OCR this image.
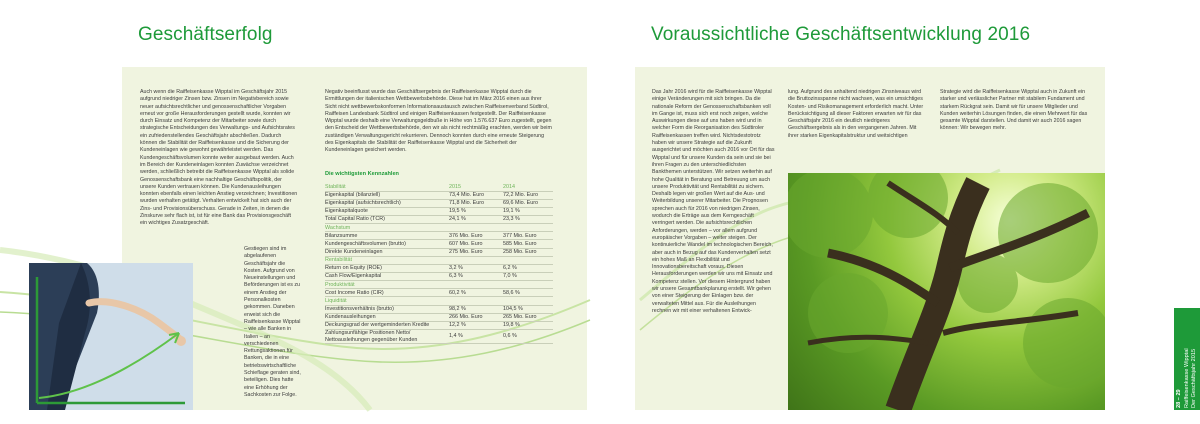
Geschäftserfolg	Voraussichtliche Geschäftsentwicklung 2016

Auch wenn die Raiffeisenkasse Wipptal im Geschäftsjahr 2015 aufgrund niedriger Zinsen bzw. Zinsen im Negativbereich sowie neuer aufsichtsrechtlicher und genossenschaftlicher Vorgaben erneut vor große Herausforderungen gestellt wurde, konnten wir durch Einsatz und Kompetenz der Mitarbeiter sowie durch strategische Entscheidungen des Verwaltungs- und Aufsichtsrates ein zufriedenstellendes Geschäftsjahr abschließen. Dadurch können die Stabilität der Raiffeisenkasse und die Sicherung der Kundeneinlagen wie gewohnt gewährleistet werden. Das Kundengeschäftsvolumen konnte weiter ausgebaut werden. Auch im Bereich der Kundeneinlagen konnten Zuwächse verzeichnet werden, schließlich betreibt die Raiffeisenkasse Wipptal als solide Genossenschaftsbank eine nachhaltige Geschäftspolitik, der unsere Kunden vertrauen können. Die Kundenausleihungen konnten ebenfalls einen leichten Anstieg verzeichnen; Investitionen wurden verhalten getätigt. Verhalten entwickelt hat sich auch der Zins- und Provisionsüberschuss. Gerade in Zeiten, in denen die Zinskurve sehr flach ist, ist für eine Bank das Provisionsgeschäft ein wichtiges Zusatzgeschäft.

Gestiegen sind im abgelaufenen Geschäftsjahr die Kosten. Aufgrund von Neueinstellungen und Beförderungen ist es zu einem Anstieg der Personalkosten gekommen. Daneben erweist sich die Raiffeisenkasse Wipptal – wie alle Banken in Italien – an verschiedenen Rettungsaktionen für Banken, die in eine betriebswirtschaftliche Schieflage geraten sind, beteiligen. Dies hatte eine Erhöhung der Sachkosten zur Folge.

Negativ beeinflusst wurde das Geschäftsergebnis der Raiffeisenkasse Wipptal durch die Ermittlungen der italienischen Wettbewerbsbehörde. Diese hat im März 2016 einen aus ihrer Sicht nicht wettbewerbskonformen Informationsaustausch zwischen Raiffeisenverband Südtirol, Raiffeisen Landesbank Südtirol und einigen Raiffeisenkassen festgestellt. Der Raiffeisenkasse Wipptal wurde deshalb eine Verwaltungsgeldbuße in Höhe von 1.576.637 Euro zugestellt, gegen den Entscheid der Wettbewerbsbehörde, den wir als nicht rechtmäßig erachten, werden wir beim zuständigen Verwaltungsgericht rekurrieren. Dennoch konnten durch eine erneute Steigerung des Eigenkapitals die Stabilität der Raiffeisenkasse Wipptal und die Sicherheit der Kundeneinlagen gesichert werden.

Die wichtigsten Kennzahlen
Stabilität	2015	2014
Eigenkapital (bilanziell)	73,4 Mio. Euro	72,2 Mio. Euro
Eigenkapital (aufsichtsrechtlich)	71,8 Mio. Euro	69,6 Mio. Euro
Eigenkapitalquote	19,5 %	19,1 %
Total Capital Ratio (TCR)	24,1 %	23,3 %
Wachstum		
Bilanzsumme	376 Mio. Euro	377 Mio. Euro
Kundengeschäftsvolumen (brutto)	607 Mio. Euro	585 Mio. Euro
Direkte Kundeneinlagen	275 Mio. Euro	258 Mio. Euro
Rentabilität		
Return on Equity (ROE)	3,2 %	6,2 %
Cash Flow/Eigenkapital	6,3 %	7,0 %
Produktivität		
Cost Income Ratio (CIR)	60,2 %	58,6 %
Liquidität		
Investitionsverhältnis (brutto)	98,2 %	104,5 %
Kundenausleihungen	266 Mio. Euro	265 Mio. Euro
Deckungsgrad der wertgeminderten Kredite	12,2 %	19,8 %
Zahlungsunfähige Positionen Netto/ Nettoausleihungen gegenüber Kunden	1,4 %	0,6 %

Das Jahr 2016 wird für die Raiffeisenkasse Wipptal einige Veränderungen mit sich bringen. Da die nationale Reform der Genossenschaftsbanken voll im Gange ist, muss sich erst noch zeigen, welche Auswirkungen diese auf uns haben wird und in welcher Form die Reorganisation des Südtiroler Raiffeisenkassen treffen wird. Nichtsdestotrotz haben wir unsere Strategie auf die Zukunft ausgerichtet und möchten auch 2016 vor Ort für das Wipptal und für unsere Kunden da sein und sie bei ihren Fragen zu den unterschiedlichsten Bankthemen unterstützen. Wir setzen weiterhin auf hohe Qualität in Beratung und Betreuung um auch unsere Produktivität und Rentabilität zu sichern. Deshalb legen wir großen Wert auf die Aus- und Weiterbildung unserer Mitarbeiter. Die Prognosen sprechen auch für 2016 von niedrigen Zinsen, wodurch die Erträge aus dem Kerngeschäft verringert werden. Die aufsichtsrechtlichen Anforderungen, werden – vor allem aufgrund europäischer Vorgaben – weiter steigen. Der kontinuierliche Wandel im technologischen Bereich, aber auch in Bezug auf das Kundenverhalten setzt ein hohes Maß an Flexibilität und Innovationsbereitschaft voraus. Diesen Herausforderungen werden wir uns mit Einsatz und Kompetenz stellen. Vor diesem Hintergrund haben wir unsere Gesamtbankplanung erstellt. Wir gehen von einer Steigerung der Einlagen bzw. der verwalteten Mittel aus. Für die Ausleihungen rechnen wir mit einer verhaltenen Entwick-

lung. Aufgrund des anhaltend niedrigen Zinsniveaus wird die Bruttozinsspanne nicht wachsen, was ein umsichtiges Kosten- und Risikomanagement erforderlich macht. Unter Berücksichtigung all dieser Faktoren erwarten wir für das Geschäftsjahr 2016 ein deutlich niedrigeres Geschäftsergebnis als in den vergangenen Jahren. Mit ihrer starken Eigenkapitalstruktur und weitsichtigen

Strategie wird die Raiffeisenkasse Wipptal auch in Zukunft ein starker und verlässlicher Partner mit stabilem Fundament und starkem Rückgrat sein. Damit wir für unsere Mitglieder und Kunden weiterhin Lösungen finden, die einen Mehrwert für das gesamte Wipptal darstellen. Und damit wir auch 2016 sagen können: Wir bewegen mehr.

28 – 29 Raiffeisenkasse Wipptal Der Geschäftsjahr 2015
